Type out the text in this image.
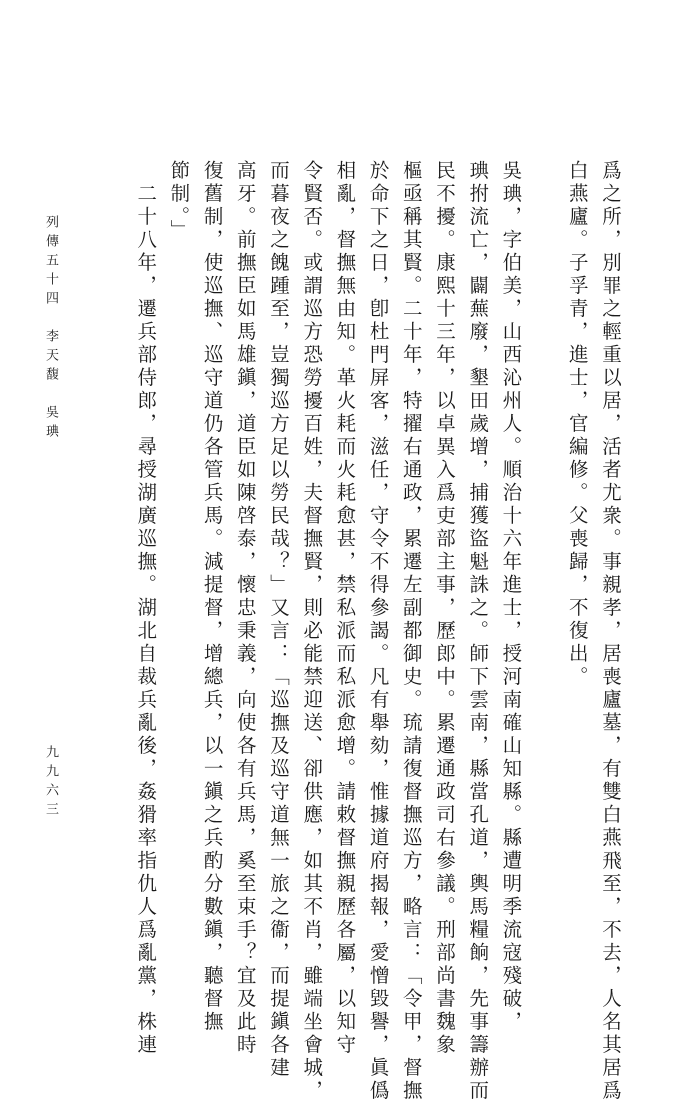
爲之所，別罪之輕重以居，活者尤衆。事親孝，居喪廬墓，有雙白燕飛至，不去，人名其居爲
白燕廬。子孚青，進士，官編修。父喪歸，不復出。
吳琠，字伯美，山西沁州人。順治十六年進士，授河南確山知縣。縣遭明季流寇殘破，
琠拊流亡，闢蕪廢，墾田歲增，捕獲盜魁誅之。師下雲南，縣當孔道，輿馬糧餉，先事籌辦而
民不擾。康熙十三年，以卓異入爲吏部主事，歷郎中。累遷通政司右參議。刑部尚書魏象
樞亟稱其賢。二十年，特擢右通政，累遷左副都御史。琉請復督撫巡方，略言：「令甲，督撫
於命下之日，卽杜門屏客，滋任，守令不得參謁。凡有舉劾，惟據道府揭報，愛憎毀譽，眞僞
相亂，督撫無由知。革火耗而火耗愈甚，禁私派而私派愈增。請敕督撫親歷各屬，以知守
令賢否。或謂巡方恐勞擾百姓，夫督撫賢，則必能禁迎送、卻供應，如其不肖，雖端坐會城，
而暮夜之餽踵至，豈獨巡方足以勞民哉？」又言：「巡撫及巡守道無一旅之衞，而提鎭各建
高牙。前撫臣如馬雄鎭，道臣如陳啓泰，懷忠秉義，向使各有兵馬，奚至束手？宜及此時
復舊制，使巡撫、巡守道仍各管兵馬。減提督，增總兵，以一鎭之兵酌分數鎭，聽督撫
節制。」
　二十八年，遷兵部侍郎，尋授湖廣巡撫。湖北自裁兵亂後，姦猾率指仇人爲亂黨，株連
列傳五十四　李天馥　吳琠
九九六三
